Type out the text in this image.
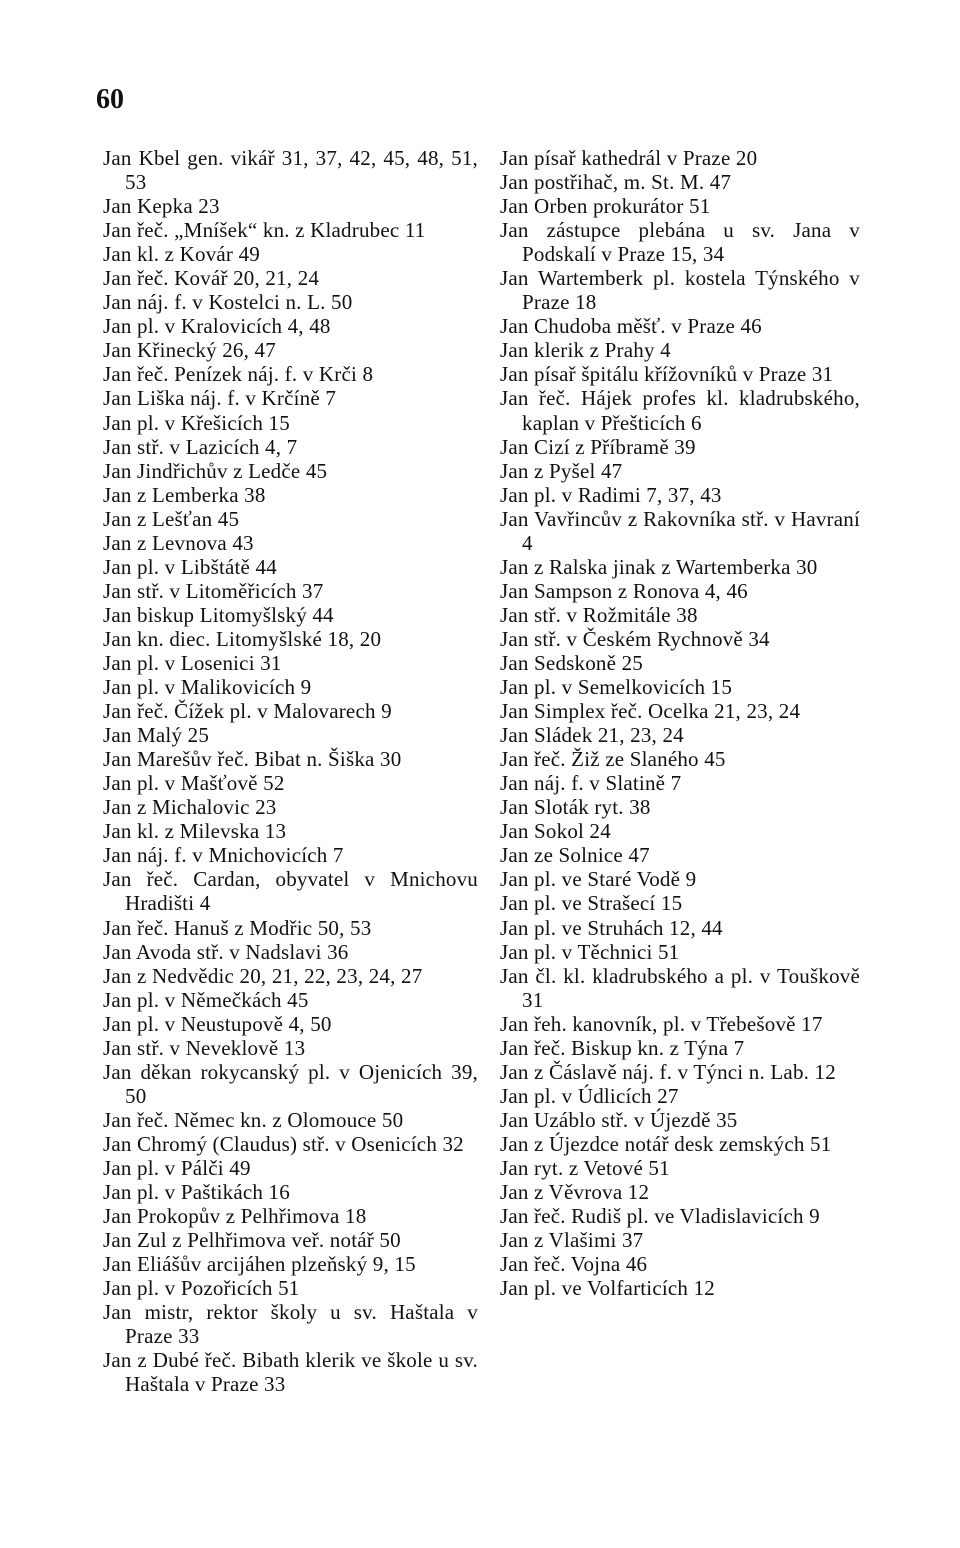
60

Jan Kbel gen. vikář 31, 37, 42, 45, 48, 51, 53

Jan Kepka 23

Jan řeč. „Mníšek“ kn. z Kladrubec 11

Jan kl. z Kovár 49

Jan řeč. Kovář 20, 21, 24

Jan náj. f. v Kostelci n. L. 50

Jan pl. v Kralovicích 4, 48

Jan Křinecký 26, 47

Jan řeč. Penízek náj. f. v Krči 8

Jan Liška náj. f. v Krčíně 7

Jan pl. v Křešicích 15

Jan stř. v Lazicích 4, 7

Jan Jindřichův z Ledče 45

Jan z Lemberka 38

Jan z Lešťan 45

Jan z Levnova 43

Jan pl. v Libštátě 44

Jan stř. v Litoměřicích 37

Jan biskup Litomyšlský 44

Jan kn. diec. Litomyšlské 18, 20

Jan pl. v Losenici 31

Jan pl. v Malikovicích 9

Jan řeč. Čížek pl. v Malovarech 9

Jan Malý 25

Jan Marešův řeč. Bibat n. Šiška 30

Jan pl. v Mašťově 52

Jan z Michalovic 23

Jan kl. z Milevska 13

Jan náj. f. v Mnichovicích 7

Jan řeč. Cardan, obyvatel v Mnichovu Hradišti 4

Jan řeč. Hanuš z Modřic 50, 53

Jan Avoda stř. v Nadslavi 36

Jan z Nedvědic 20, 21, 22, 23, 24, 27

Jan pl. v Němečkách 45

Jan pl. v Neustupově 4, 50

Jan stř. v Neveklově 13

Jan děkan rokycanský pl. v Ojenicích 39, 50

Jan řeč. Němec kn. z Olomouce 50

Jan Chromý (Claudus) stř. v Osenicích 32

Jan pl. v Pálči 49

Jan pl. v Paštikách 16

Jan Prokopův z Pelhřimova 18

Jan Zul z Pelhřimova veř. notář 50

Jan Eliášův arcijáhen plzeňský 9, 15

Jan pl. v Pozořicích 51

Jan mistr, rektor školy u sv. Haštala v Praze 33

Jan z Dubé řeč. Bibath klerik ve škole u sv. Haštala v Praze 33

Jan písař kathedrál v Praze 20

Jan postřihač, m. St. M. 47

Jan Orben prokurátor 51

Jan zástupce plebána u sv. Jana v Podskalí v Praze 15, 34

Jan Wartemberk pl. kostela Týnského v Praze 18

Jan Chudoba měšť. v Praze 46

Jan klerik z Prahy 4

Jan písař špitálu křížovníků v Praze 31

Jan řeč. Hájek profes kl. kladrubského, kaplan v Přešticích 6

Jan Cizí z Příbramě 39

Jan z Pyšel 47

Jan pl. v Radimi 7, 37, 43

Jan Vavřincův z Rakovníka stř. v Havraní 4

Jan z Ralska jinak z Wartemberka 30

Jan Sampson z Ronova 4, 46

Jan stř. v Rožmitále 38

Jan stř. v Českém Rychnově 34

Jan Sedskoně 25

Jan pl. v Semelkovicích 15

Jan Simplex řeč. Ocelka 21, 23, 24

Jan Sládek 21, 23, 24

Jan řeč. Žiž ze Slaného 45

Jan náj. f. v Slatině 7

Jan Sloták ryt. 38

Jan Sokol 24

Jan ze Solnice 47

Jan pl. ve Staré Vodě 9

Jan pl. ve Strašecí 15

Jan pl. ve Struhách 12, 44

Jan pl. v Těchnici 51

Jan čl. kl. kladrubského a pl. v Touškově 31

Jan řeh. kanovník, pl. v Třebešově 17

Jan řeč. Biskup kn. z Týna 7

Jan z Čáslavě náj. f. v Týnci n. Lab. 12

Jan pl. v Údlicích 27

Jan Uzáblo stř. v Újezdě 35

Jan z Újezdce notář desk zemských 51

Jan ryt. z Vetové 51

Jan z Věvrova 12

Jan řeč. Rudiš pl. ve Vladislavicích 9

Jan z Vlašimi 37

Jan řeč. Vojna 46

Jan pl. ve Volfarticích 12
